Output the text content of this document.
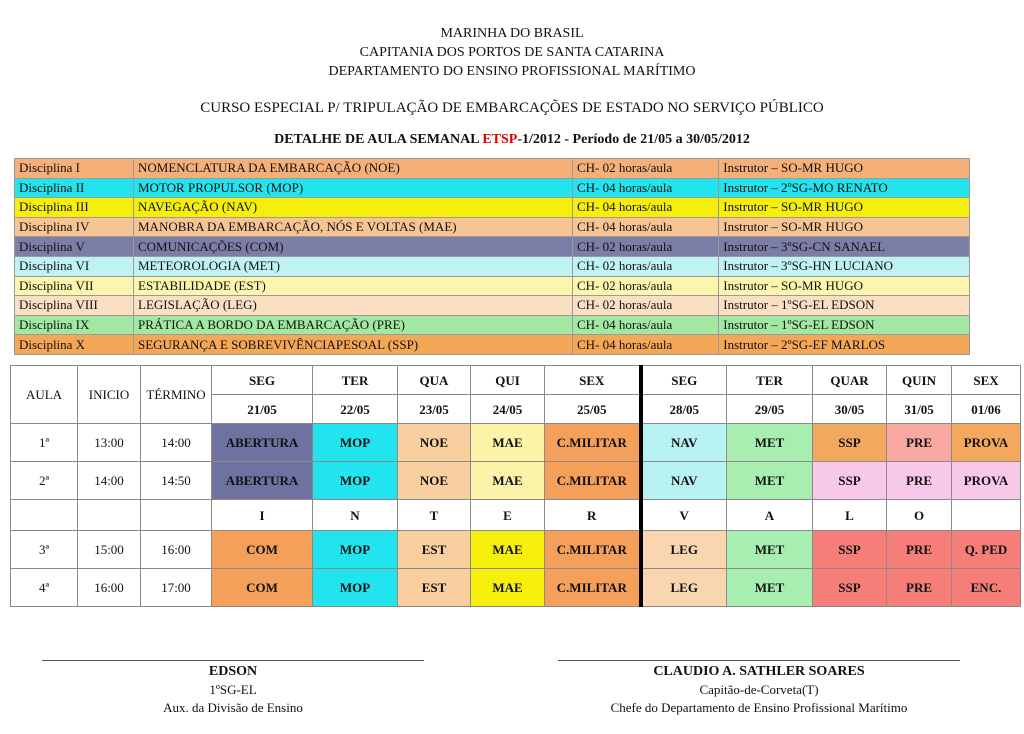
MARINHA DO BRASIL
CAPITANIA DOS PORTOS DE SANTA CATARINA
DEPARTAMENTO DO ENSINO PROFISSIONAL MARÍTIMO
CURSO ESPECIAL P/ TRIPULAÇÃO DE EMBARCAÇÕES DE ESTADO NO SERVIÇO PÚBLICO
DETALHE DE AULA SEMANAL ETSP-1/2012 - Período de 21/05 a 30/05/2012
Disciplina I	NOMENCLATURA DA EMBARCAÇÃO (NOE)	CH- 02 horas/aula	Instrutor – SO-MR HUGO
Disciplina II	MOTOR PROPULSOR (MOP)	CH- 04 horas/aula	Instrutor – 2ºSG-MO RENATO
Disciplina III	NAVEGAÇÃO (NAV)	CH- 04 horas/aula	Instrutor – SO-MR HUGO
Disciplina IV	MANOBRA DA EMBARCAÇÃO, NÓS E VOLTAS (MAE)	CH- 04 horas/aula	Instrutor – SO-MR HUGO
Disciplina V	COMUNICAÇÕES (COM)	CH- 02 horas/aula	Instrutor – 3ºSG-CN SANAEL
Disciplina VI	METEOROLOGIA (MET)	CH- 02 horas/aula	Instrutor – 3ºSG-HN LUCIANO
Disciplina VII	ESTABILIDADE (EST)	CH- 02 horas/aula	Instrutor – SO-MR HUGO
Disciplina VIII	LEGISLAÇÃO (LEG)	CH- 02 horas/aula	Instrutor – 1ºSG-EL EDSON
Disciplina IX	PRÁTICA A BORDO DA EMBARCAÇÃO (PRE)	CH- 04 horas/aula	Instrutor – 1ºSG-EL EDSON
Disciplina X	SEGURANÇA E SOBREVIVÊNCIAPESOAL (SSP)	CH- 04 horas/aula	Instrutor – 2ºSG-EF MARLOS
AULA	INICIO	TÉRMINO	SEG	TER	QUA	QUI	SEX	SEG	TER	QUAR	QUIN	SEX
			21/05	22/05	23/05	24/05	25/05	28/05	29/05	30/05	31/05	01/06
1ª	13:00	14:00	ABERTURA	MOP	NOE	MAE	C.MILITAR	NAV	MET	SSP	PRE	PROVA
2ª	14:00	14:50	ABERTURA	MOP	NOE	MAE	C.MILITAR	NAV	MET	SSP	PRE	PROVA
			I	N	T	E	R	V	A	L	O	
3ª	15:00	16:00	COM	MOP	EST	MAE	C.MILITAR	LEG	MET	SSP	PRE	Q. PED
4ª	16:00	17:00	COM	MOP	EST	MAE	C.MILITAR	LEG	MET	SSP	PRE	ENC.
EDSON
1ºSG-EL
Aux. da Divisão de Ensino
CLAUDIO A. SATHLER SOARES
Capitão-de-Corveta(T)
Chefe do Departamento de Ensino Profissional Marítimo
